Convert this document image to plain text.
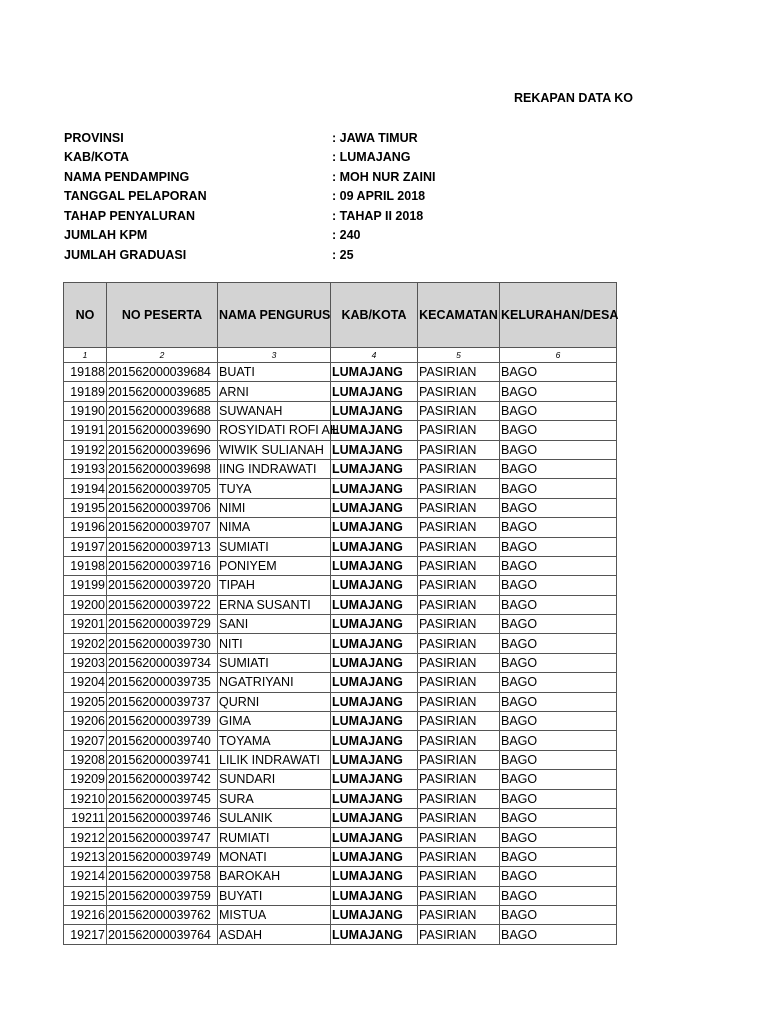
REKAPAN DATA KO
PROVINSI	: JAWA TIMUR
KAB/KOTA	: LUMAJANG
NAMA PENDAMPING	: MOH NUR ZAINI
TANGGAL PELAPORAN	: 09 APRIL 2018
TAHAP PENYALURAN	: TAHAP II 2018
JUMLAH KPM	: 240
JUMLAH GRADUASI	: 25
NO	NO PESERTA	NAMA PENGURUS	KAB/KOTA	KECAMATAN	KELURAHAN/DESA
1	2	3	4	5	6
19188	201562000039684	BUATI	LUMAJANG	PASIRIAN	BAGO
19189	201562000039685	ARNI	LUMAJANG	PASIRIAN	BAGO
19190	201562000039688	SUWANAH	LUMAJANG	PASIRIAN	BAGO
19191	201562000039690	ROSYIDATI ROFI AH	LUMAJANG	PASIRIAN	BAGO
19192	201562000039696	WIWIK SULIANAH	LUMAJANG	PASIRIAN	BAGO
19193	201562000039698	IING INDRAWATI	LUMAJANG	PASIRIAN	BAGO
19194	201562000039705	TUYA	LUMAJANG	PASIRIAN	BAGO
19195	201562000039706	NIMI	LUMAJANG	PASIRIAN	BAGO
19196	201562000039707	NIMA	LUMAJANG	PASIRIAN	BAGO
19197	201562000039713	SUMIATI	LUMAJANG	PASIRIAN	BAGO
19198	201562000039716	PONIYEM	LUMAJANG	PASIRIAN	BAGO
19199	201562000039720	TIPAH	LUMAJANG	PASIRIAN	BAGO
19200	201562000039722	ERNA SUSANTI	LUMAJANG	PASIRIAN	BAGO
19201	201562000039729	SANI	LUMAJANG	PASIRIAN	BAGO
19202	201562000039730	NITI	LUMAJANG	PASIRIAN	BAGO
19203	201562000039734	SUMIATI	LUMAJANG	PASIRIAN	BAGO
19204	201562000039735	NGATRIYANI	LUMAJANG	PASIRIAN	BAGO
19205	201562000039737	QURNI	LUMAJANG	PASIRIAN	BAGO
19206	201562000039739	GIMA	LUMAJANG	PASIRIAN	BAGO
19207	201562000039740	TOYAMA	LUMAJANG	PASIRIAN	BAGO
19208	201562000039741	LILIK INDRAWATI	LUMAJANG	PASIRIAN	BAGO
19209	201562000039742	SUNDARI	LUMAJANG	PASIRIAN	BAGO
19210	201562000039745	SURA	LUMAJANG	PASIRIAN	BAGO
19211	201562000039746	SULANIK	LUMAJANG	PASIRIAN	BAGO
19212	201562000039747	RUMIATI	LUMAJANG	PASIRIAN	BAGO
19213	201562000039749	MONATI	LUMAJANG	PASIRIAN	BAGO
19214	201562000039758	BAROKAH	LUMAJANG	PASIRIAN	BAGO
19215	201562000039759	BUYATI	LUMAJANG	PASIRIAN	BAGO
19216	201562000039762	MISTUA	LUMAJANG	PASIRIAN	BAGO
19217	201562000039764	ASDAH	LUMAJANG	PASIRIAN	BAGO
